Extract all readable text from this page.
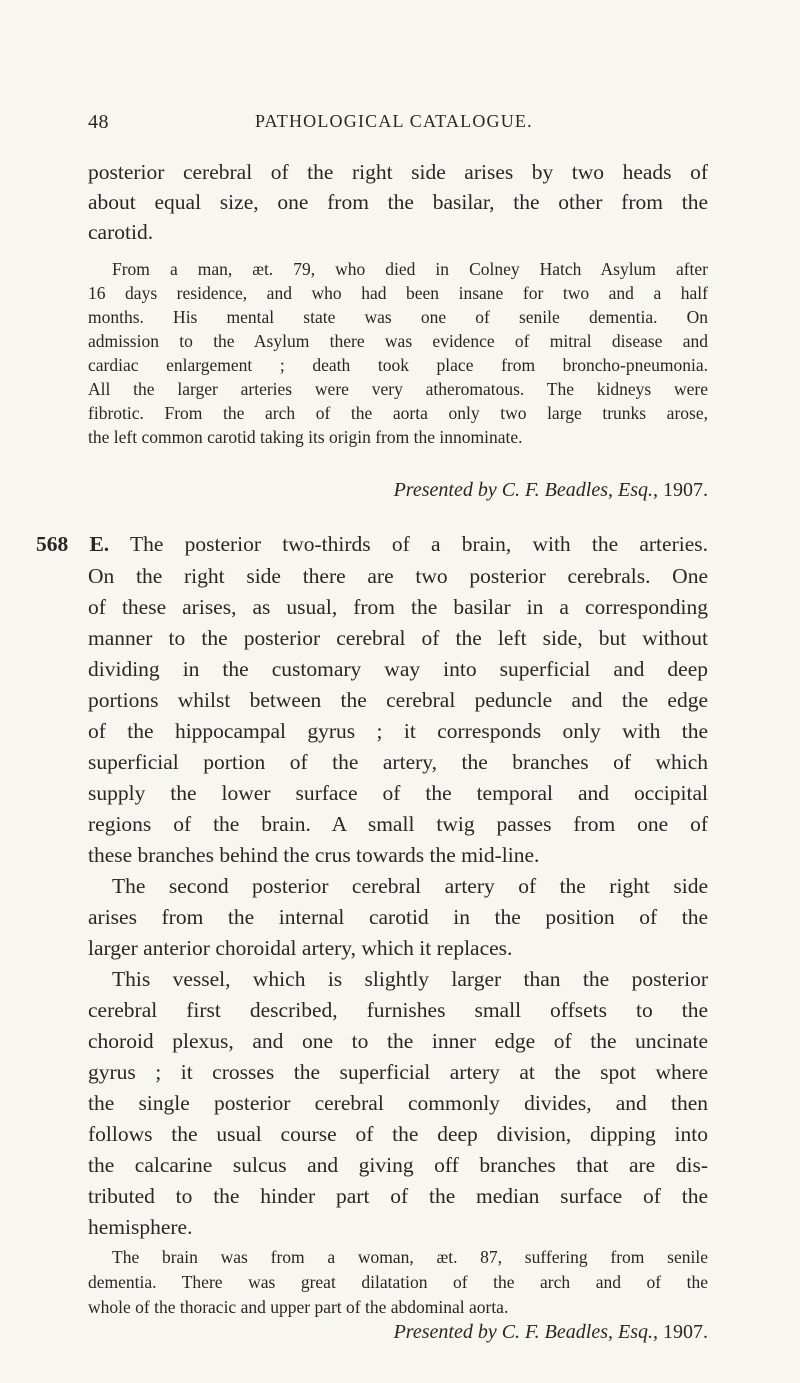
48	PATHOLOGICAL CATALOGUE.
posterior cerebral of the right side arises by two heads of
about equal size, one from the basilar, the other from the
carotid.
From a man, æt. 79, who died in Colney Hatch Asylum after
16 days residence, and who had been insane for two and a half
months. His mental state was one of senile dementia. On
admission to the Asylum there was evidence of mitral disease and
cardiac enlargement ; death took place from broncho-pneumonia.
All the larger arteries were very atheromatous. The kidneys were
fibrotic. From the arch of the aorta only two large trunks arose,
the left common carotid taking its origin from the innominate.
Presented by C. F. Beadles, Esq., 1907.
568 E. The posterior two-thirds of a brain, with the arteries.
On the right side there are two posterior cerebrals. One
of these arises, as usual, from the basilar in a corresponding
manner to the posterior cerebral of the left side, but without
dividing in the customary way into superficial and deep
portions whilst between the cerebral peduncle and the edge
of the hippocampal gyrus ; it corresponds only with the
superficial portion of the artery, the branches of which
supply the lower surface of the temporal and occipital
regions of the brain. A small twig passes from one of
these branches behind the crus towards the mid-line.
The second posterior cerebral artery of the right side
arises from the internal carotid in the position of the
larger anterior choroidal artery, which it replaces.
This vessel, which is slightly larger than the posterior
cerebral first described, furnishes small offsets to the
choroid plexus, and one to the inner edge of the uncinate
gyrus ; it crosses the superficial artery at the spot where
the single posterior cerebral commonly divides, and then
follows the usual course of the deep division, dipping into
the calcarine sulcus and giving off branches that are dis-
tributed to the hinder part of the median surface of the
hemisphere.
The brain was from a woman, æt. 87, suffering from senile
dementia. There was great dilatation of the arch and of the
whole of the thoracic and upper part of the abdominal aorta.
Presented by C. F. Beadles, Esq., 1907.
